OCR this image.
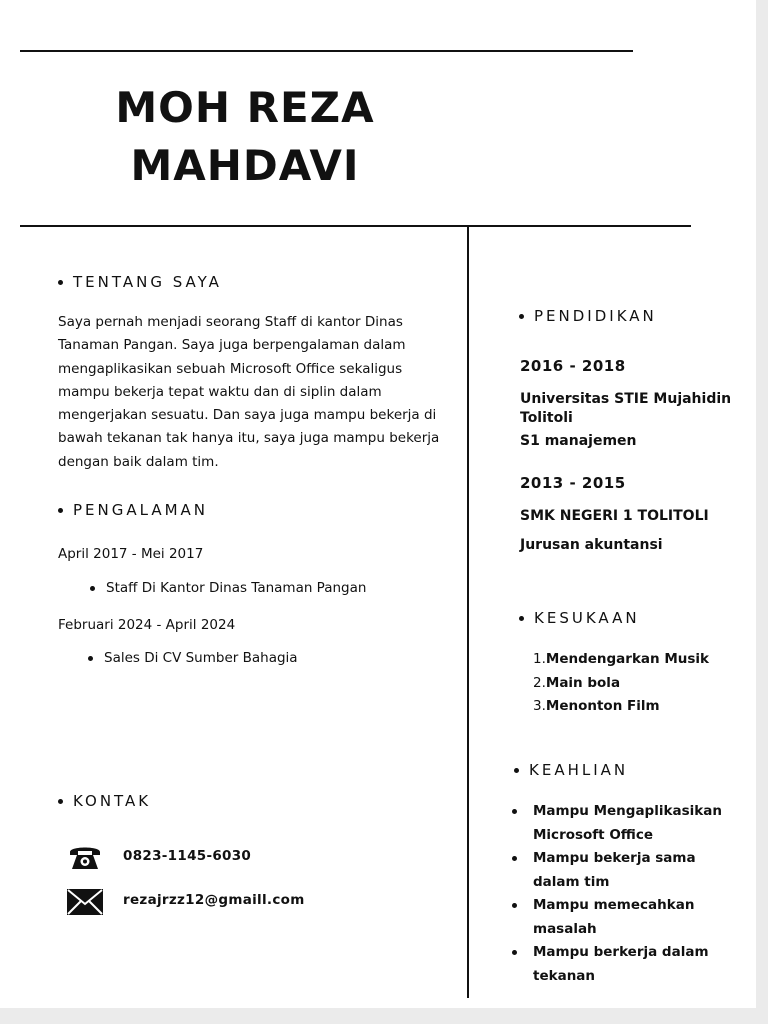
MOH REZA
MAHDAVI
TENTANG SAYA

Saya pernah menjadi seorang Staff di kantor Dinas Tanaman Pangan. Saya juga berpengalaman dalam mengaplikasikan sebuah Microsoft Office sekaligus mampu bekerja tepat waktu dan di siplin dalam mengerjakan sesuatu. Dan saya juga mampu bekerja di bawah tekanan tak hanya itu, saya juga mampu bekerja dengan baik dalam tim.

PENGALAMAN

April 2017 - Mei 2017

Staff Di Kantor Dinas Tanaman Pangan

Februari 2024 - April 2024

Sales Di CV Sumber Bahagia
KONTAK
0823-1145-6030
rezajrzz12@gmaill.com
PENDIDIKAN

2016 - 2018

Universitas STIE Mujahidin Tolitoli

S1 manajemen

2013 - 2015

SMK NEGERI 1 TOLITOLI

Jurusan akuntansi

KESUKAAN
1.Mendengarkan Musik
2.Main bola
3.Menonton Film
KEAHLIAN
Mampu Mengaplikasikan Microsoft Office
Mampu bekerja sama dalam tim
Mampu memecahkan masalah
Mampu berkerja dalam tekanan
